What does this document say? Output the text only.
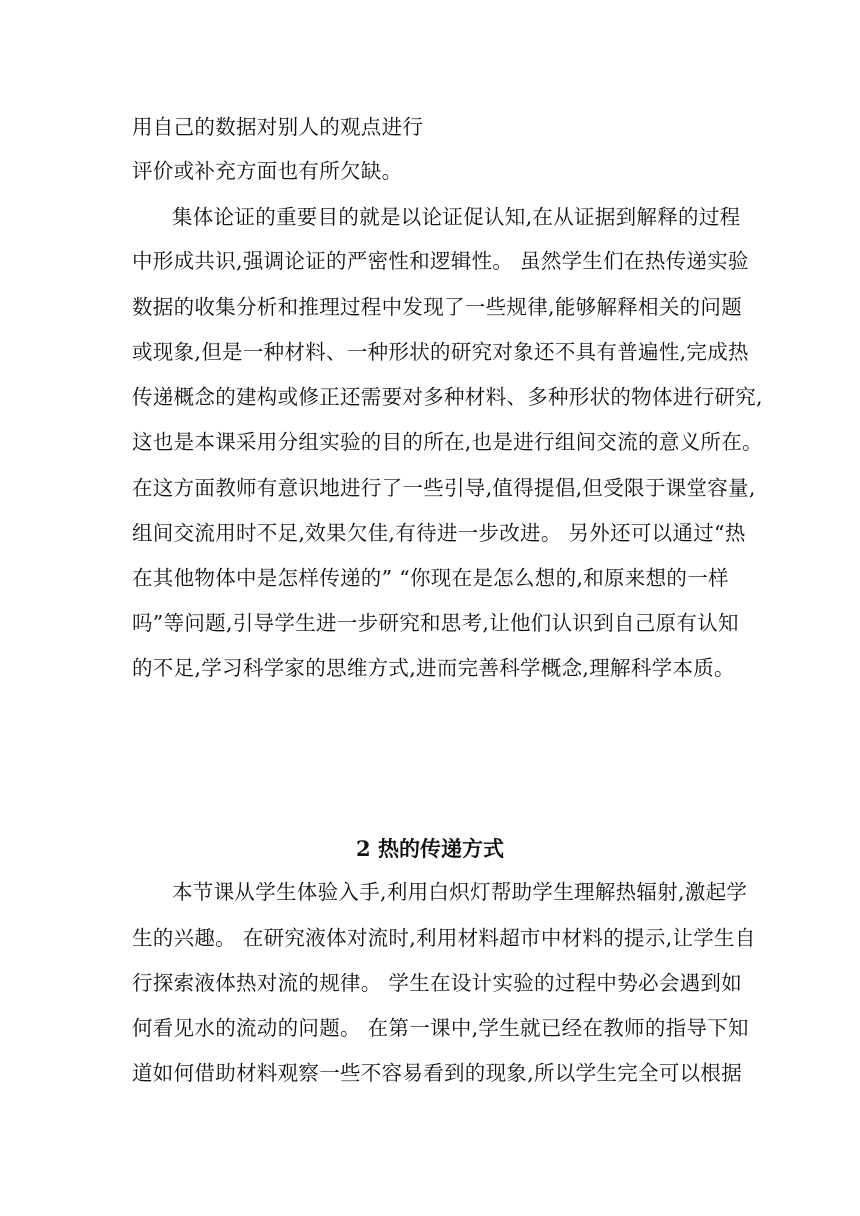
用自己的数据对别人的观点进行
评价或补充方面也有所欠缺。
集体论证的重要目的就是以论证促认知,在从证据到解释的过程
中形成共识,强调论证的严密性和逻辑性。 虽然学生们在热传递实验
数据的收集分析和推理过程中发现了一些规律,能够解释相关的问题
或现象,但是一种材料、一种形状的研究对象还不具有普遍性,完成热
传递概念的建构或修正还需要对多种材料、多种形状的物体进行研究,
这也是本课采用分组实验的目的所在,也是进行组间交流的意义所在。
在这方面教师有意识地进行了一些引导,值得提倡,但受限于课堂容量,
组间交流用时不足,效果欠佳,有待进一步改进。 另外还可以通过“热
在其他物体中是怎样传递的” “你现在是怎么想的,和原来想的一样
吗”等问题,引导学生进一步研究和思考,让他们认识到自己原有认知
的不足,学习科学家的思维方式,进而完善科学概念,理解科学本质。
2 热的传递方式
本节课从学生体验入手,利用白炽灯帮助学生理解热辐射,激起学
生的兴趣。 在研究液体对流时,利用材料超市中材料的提示,让学生自
行探索液体热对流的规律。 学生在设计实验的过程中势必会遇到如
何看见水的流动的问题。 在第一课中,学生就已经在教师的指导下知
道如何借助材料观察一些不容易看到的现象,所以学生完全可以根据
